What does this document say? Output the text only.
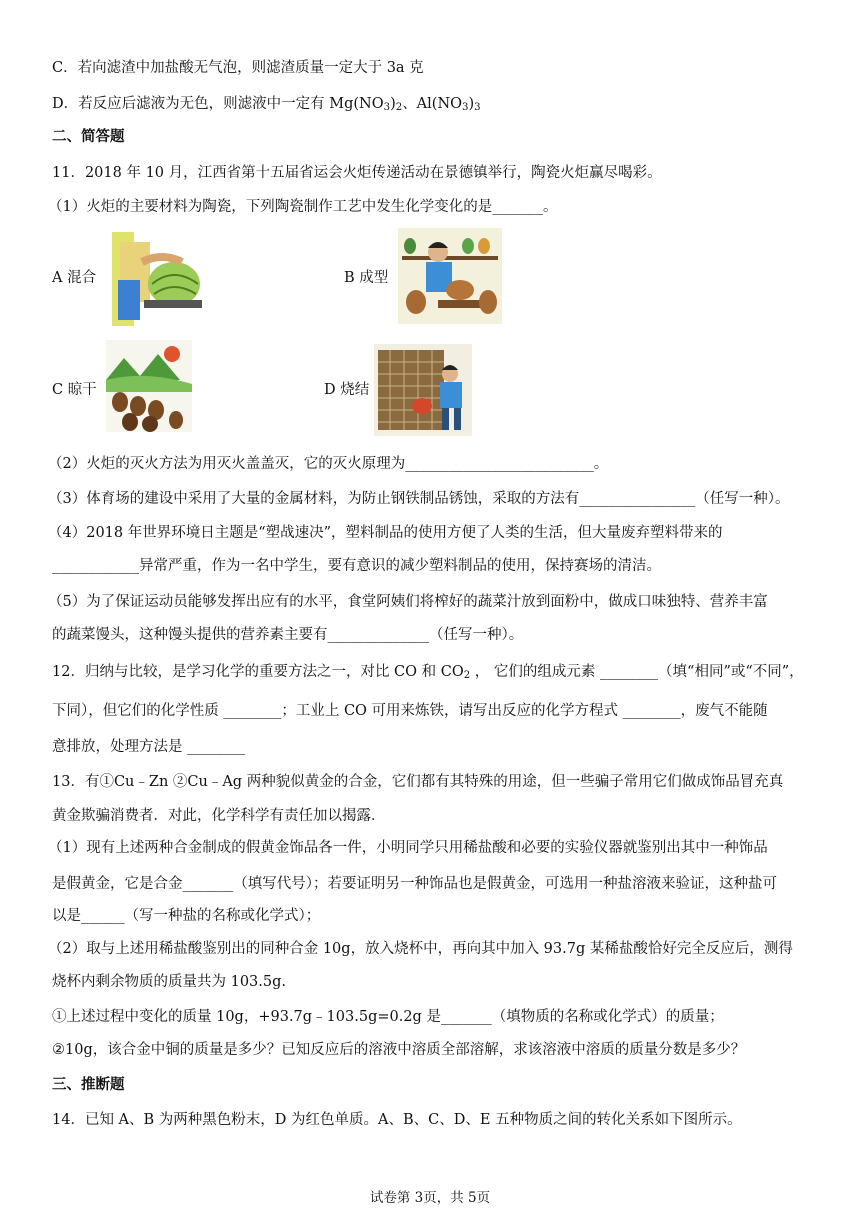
C．若向滤渣中加盐酸无气泡，则滤渣质量一定大于 3a 克
D．若反应后滤液为无色，则滤液中一定有 $Mg(NO_3)_2$、$Al(NO_3)_3$
二、简答题
11．2018 年 10 月，江西省第十五届省运会火炬传递活动在景德镇举行，陶瓷火炬赢尽喝彩。
（1）火炬的主要材料为陶瓷，下列陶瓷制作工艺中发生化学变化的是_______。
A 混合	B 成型
C 晾干	D 烧结
（2）火炬的灭火方法为用灭火盖盖灭，它的灭火原理为__________________________。
（3）体育场的建设中采用了大量的金属材料，为防止钢铁制品锈蚀，采取的方法有________________（任写一种）。
（4）2018 年世界环境日主题是“塑战速决”，塑料制品的使用方便了人类的生活，但大量废弃塑料带来的
____________异常严重，作为一名中学生，要有意识的减少塑料制品的使用，保持赛场的清洁。
（5）为了保证运动员能够发挥出应有的水平，食堂阿姨们将榨好的蔬菜汁放到面粉中，做成口味独特、营养丰富
的蔬菜馒头，这种馒头提供的营养素主要有______________（任写一种）。
12．归纳与比较，是学习化学的重要方法之一，对比 CO 和 $CO_2$ ， 它们的组成元素 ________（填“相同”或“不同”，
下同），但它们的化学性质 ________；工业上 CO 可用来炼铁，请写出反应的化学方程式 ________，废气不能随
意排放，处理方法是 ________
13．有①Cu﹣Zn ②Cu﹣Ag 两种貌似黄金的合金，它们都有其特殊的用途，但一些骗子常用它们做成饰品冒充真
黄金欺骗消费者．对此，化学科学有责任加以揭露．
（1）现有上述两种合金制成的假黄金饰品各一件，小明同学只用稀盐酸和必要的实验仪器就鉴别出其中一种饰品
是假黄金，它是合金_______（填写代号）；若要证明另一种饰品也是假黄金，可选用一种盐溶液来验证，这种盐可
以是______（写一种盐的名称或化学式）；
（2）取与上述用稀盐酸鉴别出的同种合金 10g，放入烧杯中，再向其中加入 93.7g 某稀盐酸恰好完全反应后，测得
烧杯内剩余物质的质量共为 103.5g.
①上述过程中变化的质量 10g，+93.7g﹣103.5g=0.2g 是_______（填物质的名称或化学式）的质量；
②10g，该合金中铜的质量是多少？已知反应后的溶液中溶质全部溶解，求该溶液中溶质的质量分数是多少？
三、推断题
14．已知 A、B 为两种黑色粉末，D 为红色单质。A、B、C、D、E 五种物质之间的转化关系如下图所示。
试卷第 3页，共 5页
